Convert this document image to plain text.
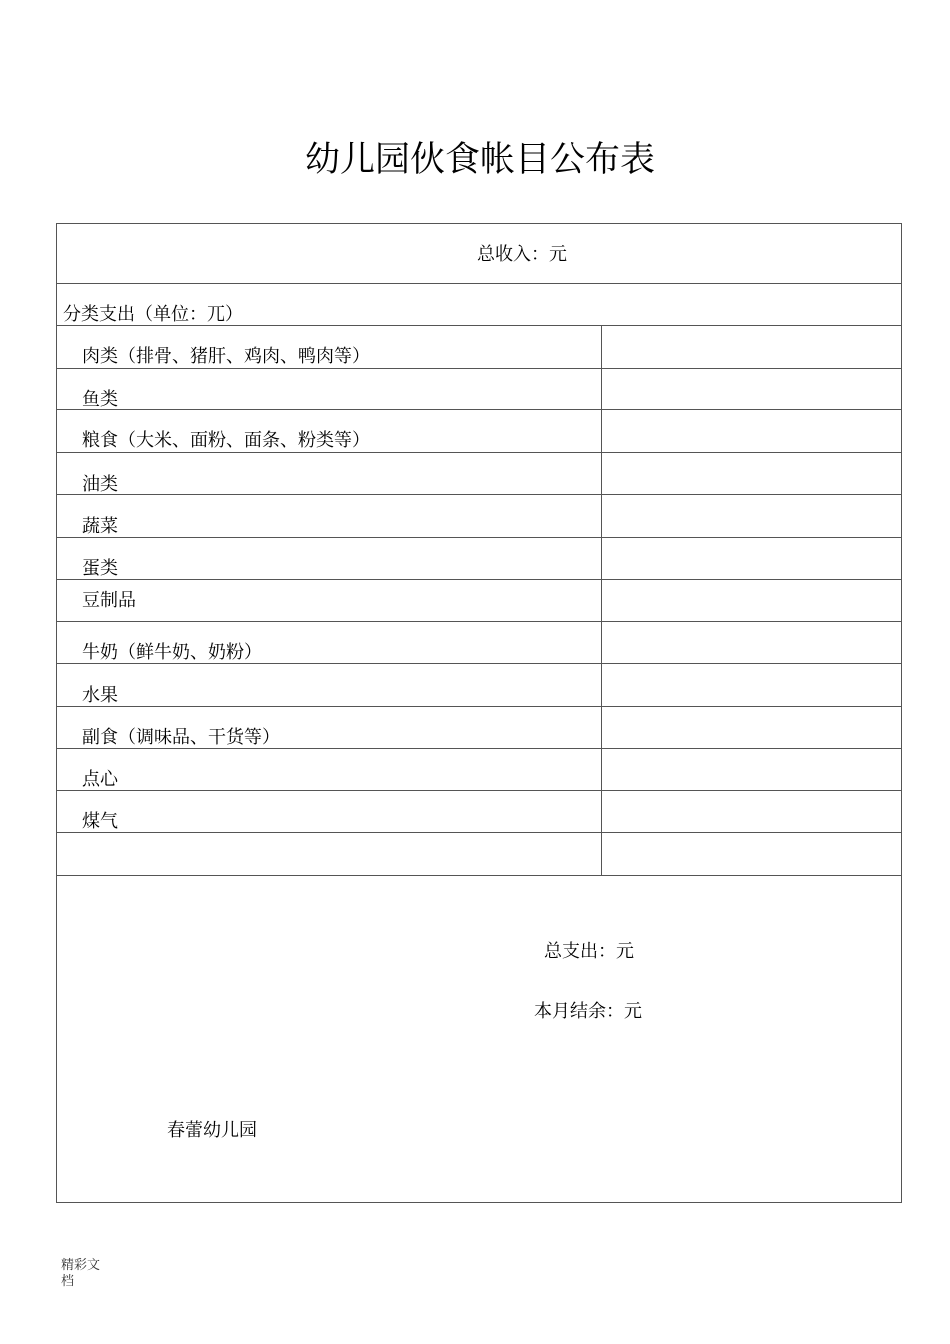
幼儿园伙食帐目公布表
总收入：元
分类支出（单位：兀）
肉类（排骨、猪肝、鸡肉、鸭肉等）
鱼类
粮食（大米、面粉、面条、粉类等）
油类
蔬菜
蛋类
豆制品
牛奶（鲜牛奶、奶粉）
水果
副食（调味品、干货等）
点心
煤气
总支出：元
本月结余：元
春蕾幼儿园
精彩文档
